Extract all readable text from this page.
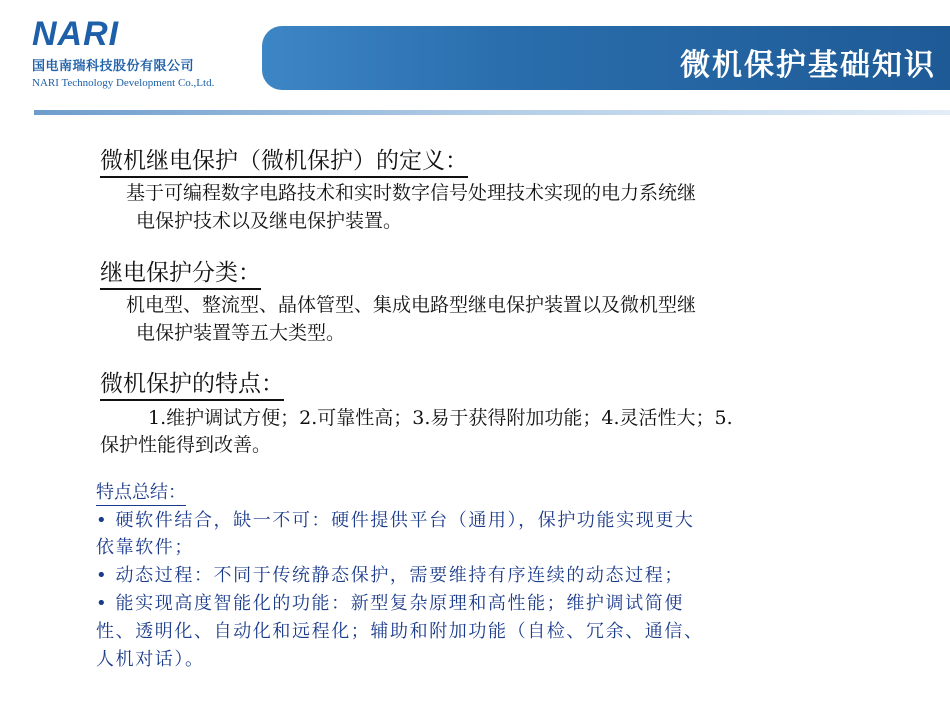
NARI
国电南瑞科技股份有限公司
NARI Technology Development Co.,Ltd.	微机保护基础知识
微机继电保护（微机保护）的定义：
基于可编程数字电路技术和实时数字信号处理技术实现的电力系统继
电保护技术以及继电保护装置。
继电保护分类：
机电型、整流型、晶体管型、集成电路型继电保护装置以及微机型继
电保护装置等五大类型。
微机保护的特点：
1.维护调试方便；2.可靠性高；3.易于获得附加功能；4.灵活性大；5.
保护性能得到改善。
特点总结：
• 硬软件结合，缺一不可：硬件提供平台（通用），保护功能实现更大
依靠软件；
• 动态过程：不同于传统静态保护，需要维持有序连续的动态过程；
• 能实现高度智能化的功能：新型复杂原理和高性能；维护调试简便
性、透明化、自动化和远程化；辅助和附加功能（自检、冗余、通信、
人机对话）。
